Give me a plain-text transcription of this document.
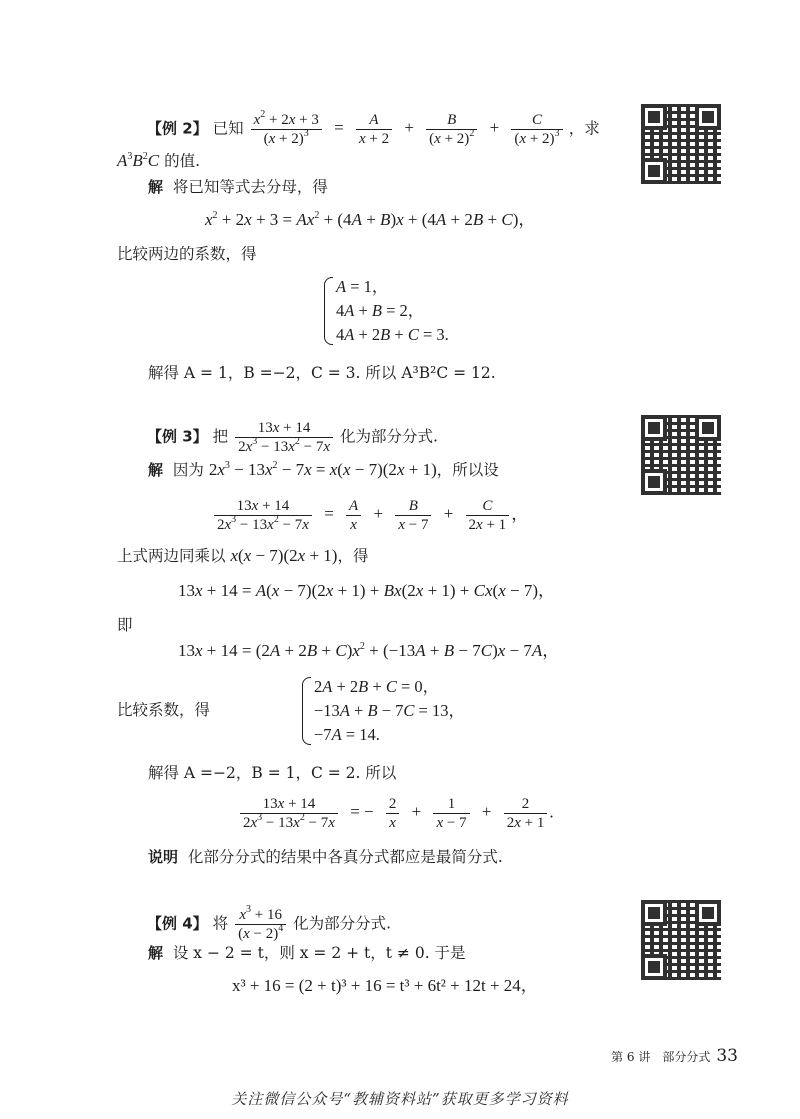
【例 2】 已知 $\frac{x^2 + 2x + 3}{(x + 2)^3} = \frac{A}{x + 2} + \frac{B}{(x + 2)^2} + \frac{C}{(x + 2)^3}$ ，求
$A^3B^2C$ 的值.
解 将已知等式去分母，得
$x^2 + 2x + 3 = Ax^2 + (4A + B)x + (4A + 2B + C)$，
比较两边的系数，得
A = 1，
4A + B = 2，
4A + 2B + C = 3.
解得 A = 1，B =−2，C = 3. 所以 A³B²C = 12.
【例 3】 把 $\frac{13x + 14}{2x^3 - 13x^2 - 7x}$ 化为部分分式.
解 因为 $2x^3 - 13x^2 - 7x = x(x - 7)(2x + 1)$，所以设
$\frac{13x + 14}{2x^3 - 13x^2 - 7x} = \frac{A}{x} + \frac{B}{x - 7} + \frac{C}{2x + 1}$ ，
上式两边同乘以 x(x − 7)(2x + 1)，得
13x + 14 = A(x − 7)(2x + 1) + Bx(2x + 1) + Cx(x − 7)，
即
$13x + 14 = (2A + 2B + C)x^2 + (-13A + B - 7C)x - 7A$，
比较系数，得
2A + 2B + C = 0，
−13A + B − 7C = 13，
−7A = 14.
解得 A =−2，B = 1，C = 2. 所以
$\frac{13x + 14}{2x^3 - 13x^2 - 7x}$ = − $\frac{2}{x} + \frac{1}{x - 7} + \frac{2}{2x + 1}$ .
说明 化部分分式的结果中各真分式都应是最简分式.
【例 4】 将 $\frac{x^3 + 16}{(x - 2)^4}$ 化为部分分式.
解 设 x − 2 = t，则 x = 2 + t，t ≠ 0. 于是
x³ + 16 = (2 + t)³ + 16 = t³ + 6t² + 12t + 24，
第 6 讲　部分分式 33
关注微信公众号“教辅资料站”获取更多学习资料
